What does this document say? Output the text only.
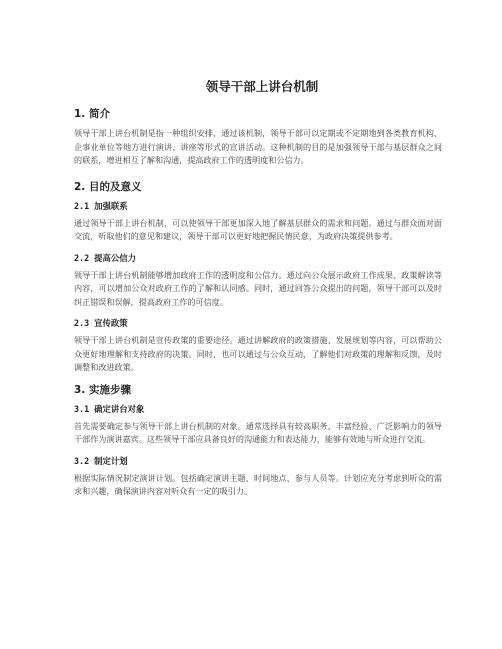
领导干部上讲台机制
1. 简介
领导干部上讲台机制是指一种组织安排，通过该机制，领导干部可以定期或不定期地到各类教育机构、企事业单位等地方进行演讲、讲座等形式的宣讲活动。这种机制的目的是加强领导干部与基层群众之间的联系，增进相互了解和沟通，提高政府工作的透明度和公信力。
2. 目的及意义
2.1 加强联系
通过领导干部上讲台机制，可以使领导干部更加深入地了解基层群众的需求和问题。通过与群众面对面交流，听取他们的意见和建议，领导干部可以更好地把握民情民意，为政府决策提供参考。
2.2 提高公信力
领导干部上讲台机制能够增加政府工作的透明度和公信力。通过向公众展示政府工作成果、政策解读等内容，可以增加公众对政府工作的了解和认同感。同时，通过回答公众提出的问题，领导干部可以及时纠正错误和误解，提高政府工作的可信度。
2.3 宣传政策
领导干部上讲台机制是宣传政策的重要途径。通过讲解政府的政策措施、发展规划等内容，可以帮助公众更好地理解和支持政府的决策。同时，也可以通过与公众互动，了解他们对政策的理解和反馈，及时调整和改进政策。
3. 实施步骤
3.1 确定讲台对象
首先需要确定参与领导干部上讲台机制的对象。通常选择具有较高职务、丰富经验、广泛影响力的领导干部作为演讲嘉宾。这些领导干部应具备良好的沟通能力和表达能力，能够有效地与听众进行交流。
3.2 制定计划
根据实际情况制定演讲计划。包括确定演讲主题、时间地点、参与人员等。计划应充分考虑到听众的需求和兴趣，确保演讲内容对听众有一定的吸引力。
